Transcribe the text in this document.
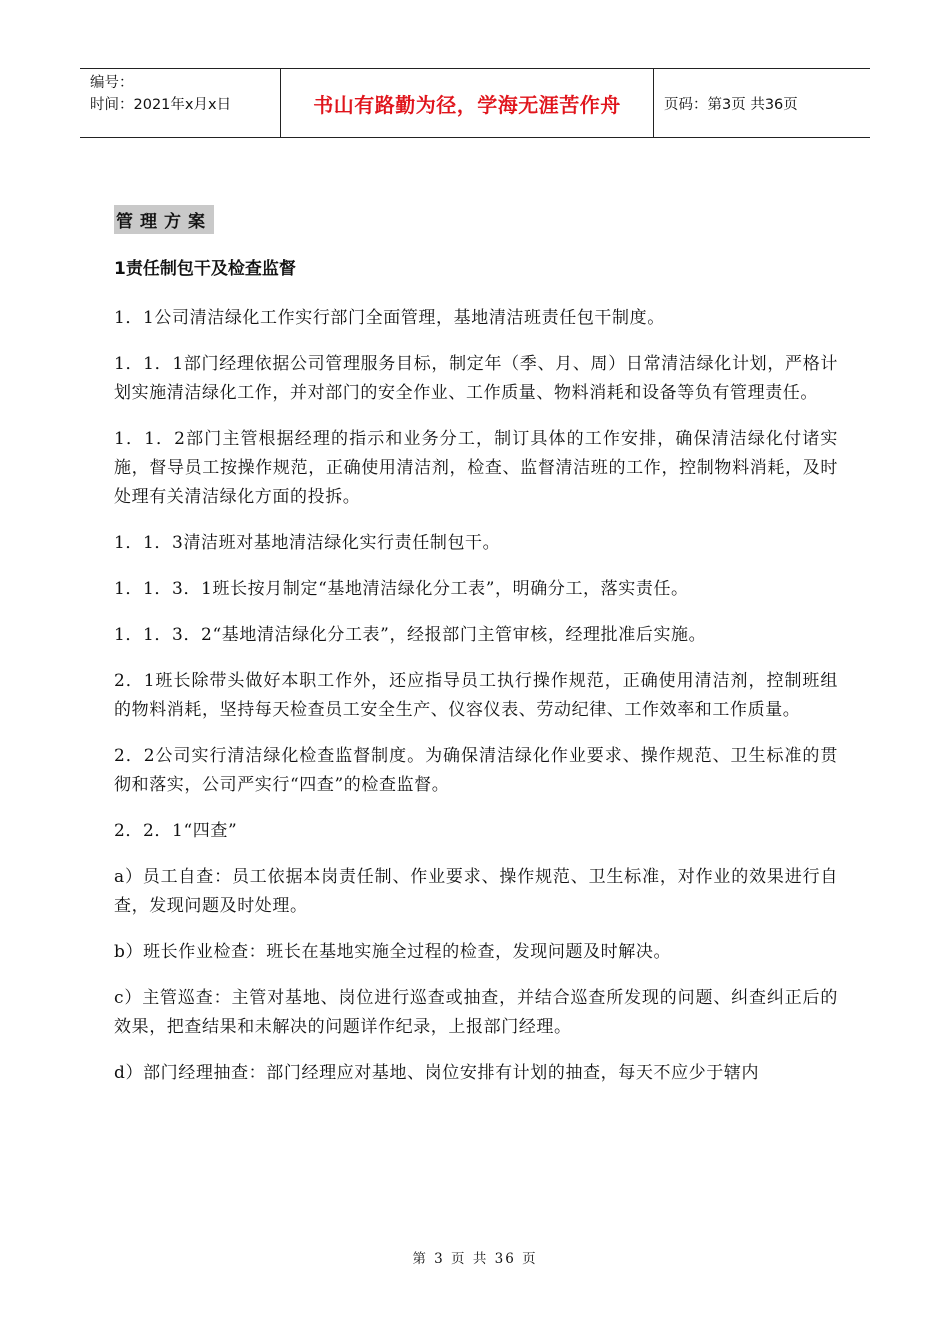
编号：
时间：2021年x月x日	书山有路勤为径，学海无涯苦作舟	页码：第3页 共36页
管理方案
1责任制包干及检查监督

1．1公司清洁绿化工作实行部门全面管理，基地清洁班责任包干制度。

1．1．1部门经理依据公司管理服务目标，制定年（季、月、周）日常清洁绿化计划，严格计划实施清洁绿化工作，并对部门的安全作业、工作质量、物料消耗和设备等负有管理责任。

1．1．2部门主管根据经理的指示和业务分工，制订具体的工作安排，确保清洁绿化付诸实施，督导员工按操作规范，正确使用清洁剂，检查、监督清洁班的工作，控制物料消耗，及时处理有关清洁绿化方面的投拆。

1．1．3清洁班对基地清洁绿化实行责任制包干。

1．1．3．1班长按月制定“基地清洁绿化分工表”，明确分工，落实责任。

1．1．3．2“基地清洁绿化分工表”，经报部门主管审核，经理批准后实施。

2．1班长除带头做好本职工作外，还应指导员工执行操作规范，正确使用清洁剂，控制班组的物料消耗，坚持每天检查员工安全生产、仪容仪表、劳动纪律、工作效率和工作质量。

2．2公司实行清洁绿化检查监督制度。为确保清洁绿化作业要求、操作规范、卫生标准的贯彻和落实，公司严实行“四查”的检查监督。

2．2．1“四查”

a）员工自查：员工依据本岗责任制、作业要求、操作规范、卫生标准，对作业的效果进行自查，发现问题及时处理。

b）班长作业检查：班长在基地实施全过程的检查，发现问题及时解决。

c）主管巡查：主管对基地、岗位进行巡查或抽查，并结合巡查所发现的问题、纠查纠正后的效果，把查结果和未解决的问题详作纪录，上报部门经理。

d）部门经理抽查：部门经理应对基地、岗位安排有计划的抽查，每天不应少于辖内

第 3 页 共 36 页
